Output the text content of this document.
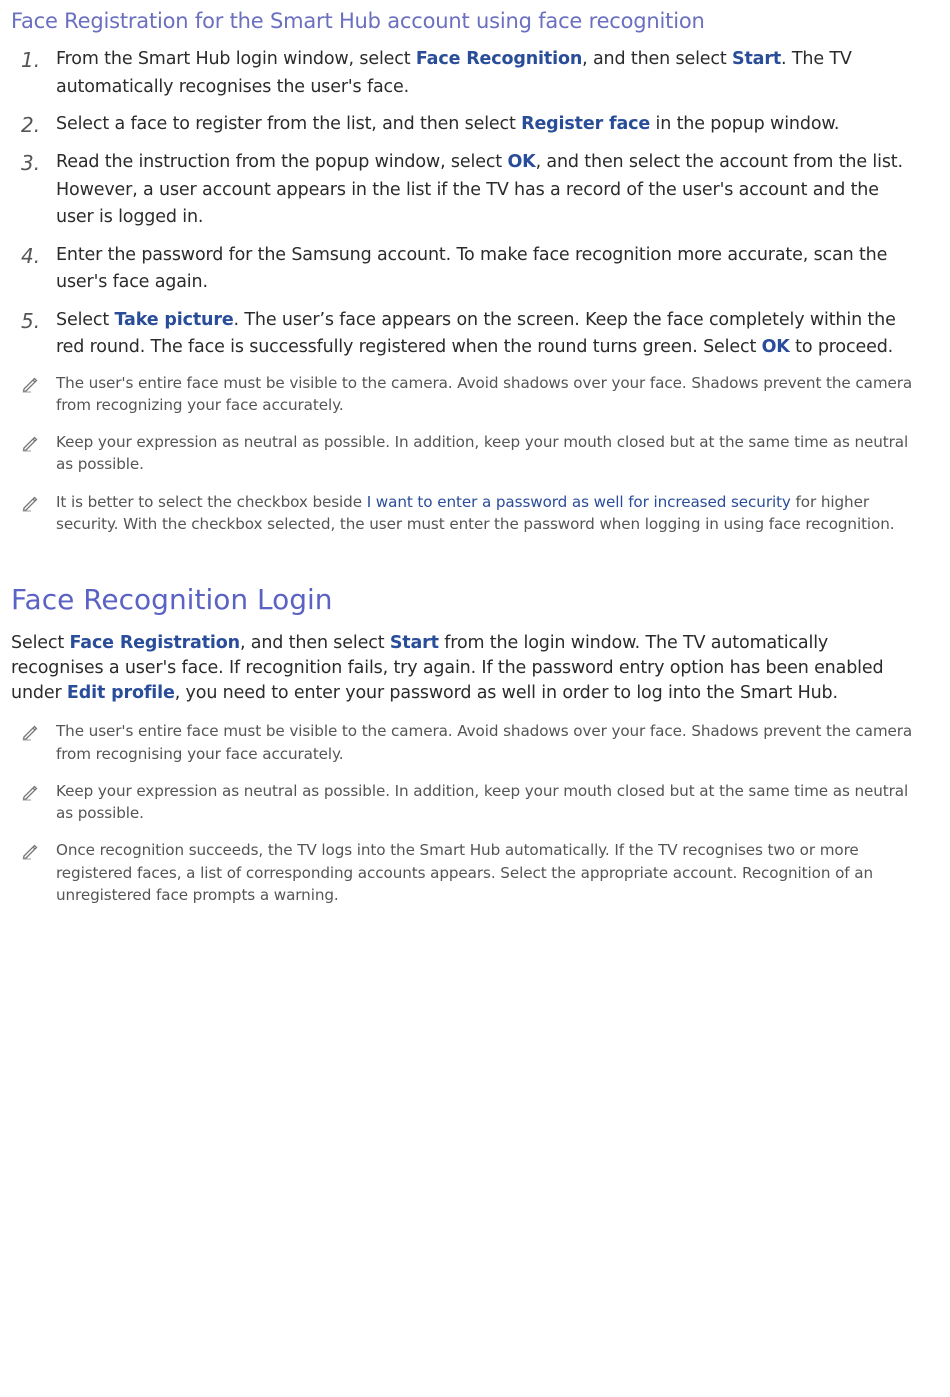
Face Registration for the Smart Hub account using face recognition
1. From the Smart Hub login window, select Face Recognition, and then select Start. The TV automatically recognises the user's face.
2. Select a face to register from the list, and then select Register face in the popup window.
3. Read the instruction from the popup window, select OK, and then select the account from the list. However, a user account appears in the list if the TV has a record of the user's account and the user is logged in.
4. Enter the password for the Samsung account. To make face recognition more accurate, scan the user's face again.
5. Select Take picture. The user’s face appears on the screen. Keep the face completely within the red round. The face is successfully registered when the round turns green. Select OK to proceed.
The user's entire face must be visible to the camera. Avoid shadows over your face. Shadows prevent the camera from recognizing your face accurately.
Keep your expression as neutral as possible. In addition, keep your mouth closed but at the same time as neutral as possible.
It is better to select the checkbox beside I want to enter a password as well for increased security for higher security. With the checkbox selected, the user must enter the password when logging in using face recognition.
Face Recognition Login

Select Face Registration, and then select Start from the login window. The TV automatically recognises a user's face. If recognition fails, try again. If the password entry option has been enabled under Edit profile, you need to enter your password as well in order to log into the Smart Hub.

The user's entire face must be visible to the camera. Avoid shadows over your face. Shadows prevent the camera from recognising your face accurately.
Keep your expression as neutral as possible. In addition, keep your mouth closed but at the same time as neutral as possible.
Once recognition succeeds, the TV logs into the Smart Hub automatically. If the TV recognises two or more registered faces, a list of corresponding accounts appears. Select the appropriate account. Recognition of an unregistered face prompts a warning.
